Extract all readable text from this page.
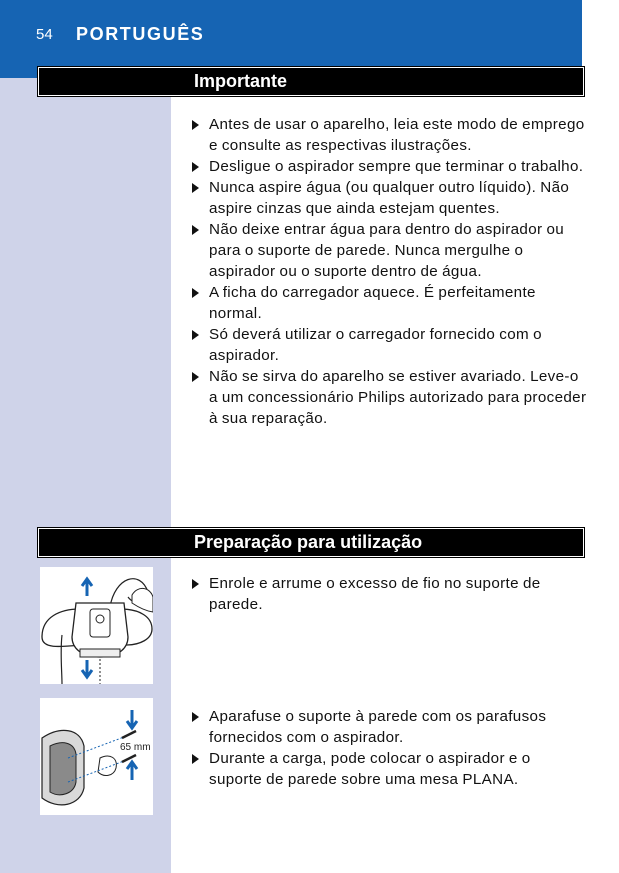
54 PORTUGUÊS
Importante
Antes de usar o aparelho, leia este modo de emprego e consulte as respectivas ilustrações.
Desligue o aspirador sempre que terminar o trabalho.
Nunca aspire água (ou qualquer outro líquido). Não aspire cinzas que ainda estejam quentes.
Não deixe entrar água para dentro do aspirador ou para o suporte de parede. Nunca mergulhe o aspirador ou o suporte dentro de água.
A ficha do carregador aquece. É perfeitamente normal.
Só deverá utilizar o carregador fornecido com o aspirador.
Não se sirva do aparelho se estiver avariado. Leve-o a um concessionário Philips autorizado para proceder à sua reparação.
Preparação para utilização
Enrole e arrume o excesso de fio no suporte de parede.
Aparafuse o suporte à parede com os parafusos fornecidos com o aspirador.
Durante a carga, pode colocar o aspirador e o suporte de parede sobre uma mesa PLANA.
65 mm
